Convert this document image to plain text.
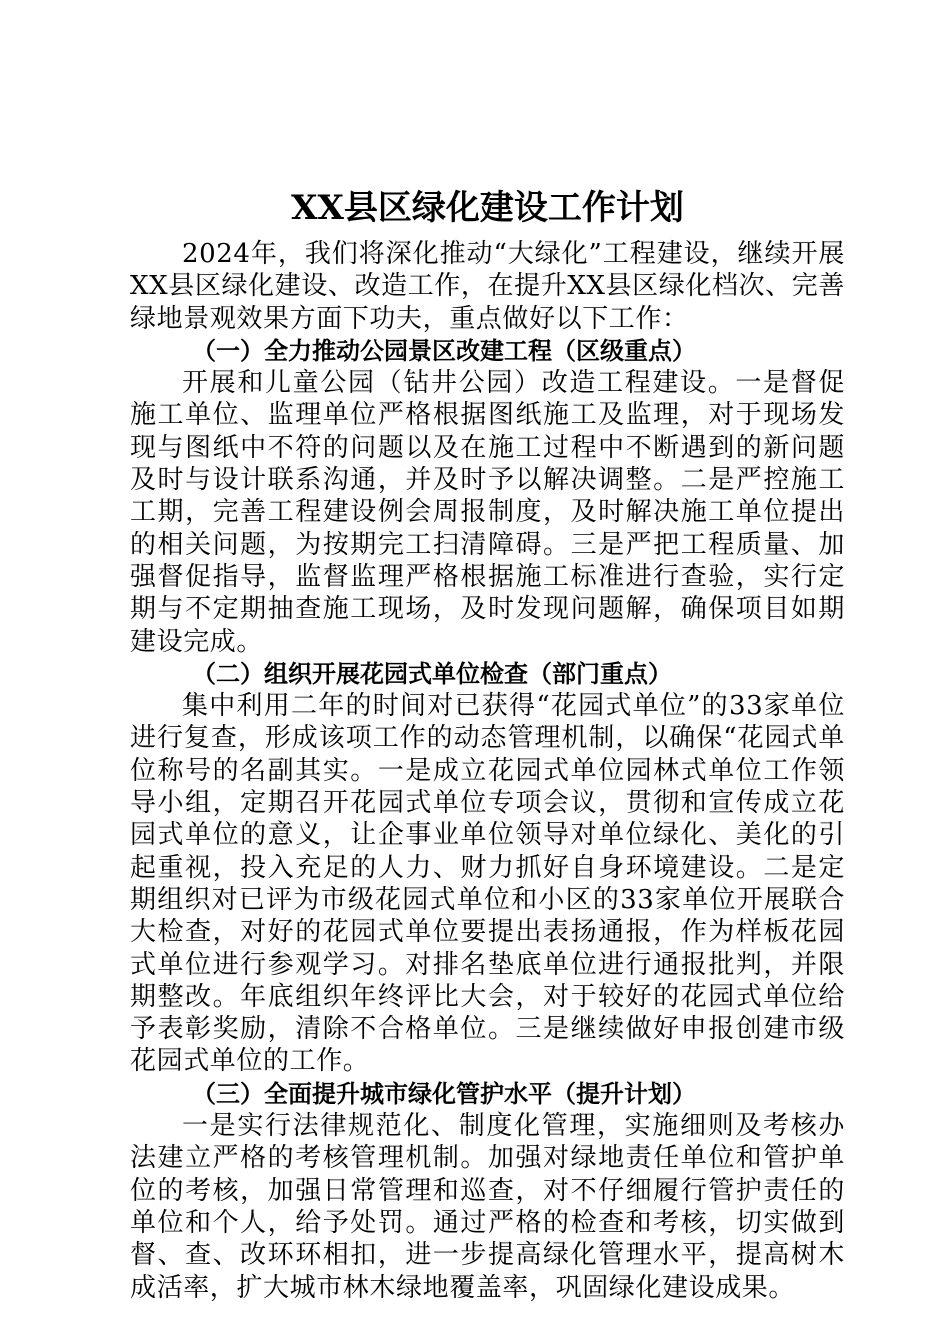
XX县区绿化建设工作计划

2024年，我们将深化推动“大绿化”工程建设，继续开展XX县区绿化建设、改造工作，在提升XX县区绿化档次、完善绿地景观效果方面下功夫，重点做好以下工作：

（一）全力推动公园景区改建工程（区级重点）

开展和儿童公园（钻井公园）改造工程建设。一是督促施工单位、监理单位严格根据图纸施工及监理，对于现场发现与图纸中不符的问题以及在施工过程中不断遇到的新问题及时与设计联系沟通，并及时予以解决调整。二是严控施工工期，完善工程建设例会周报制度，及时解决施工单位提出的相关问题，为按期完工扫清障碍。三是严把工程质量、加强督促指导，监督监理严格根据施工标准进行查验，实行定期与不定期抽查施工现场，及时发现问题解，确保项目如期建设完成。

（二）组织开展花园式单位检查（部门重点）

集中利用二年的时间对已获得“花园式单位”的33家单位进行复查，形成该项工作的动态管理机制，以确保“花园式单位称号的名副其实。一是成立花园式单位园林式单位工作领导小组，定期召开花园式单位专项会议，贯彻和宣传成立花园式单位的意义，让企事业单位领导对单位绿化、美化的引起重视，投入充足的人力、财力抓好自身环境建设。二是定期组织对已评为市级花园式单位和小区的33家单位开展联合大检查，对好的花园式单位要提出表扬通报，作为样板花园式单位进行参观学习。对排名垫底单位进行通报批判，并限期整改。年底组织年终评比大会，对于较好的花园式单位给予表彰奖励，清除不合格单位。三是继续做好申报创建市级花园式单位的工作。

（三）全面提升城市绿化管护水平（提升计划）

一是实行法律规范化、制度化管理，实施细则及考核办法建立严格的考核管理机制。加强对绿地责任单位和管护单位的考核，加强日常管理和巡查，对不仔细履行管护责任的单位和个人，给予处罚。通过严格的检查和考核，切实做到督、查、改环环相扣，进一步提高绿化管理水平，提高树木成活率，扩大城市林木绿地覆盖率，巩固绿化建设成果。
